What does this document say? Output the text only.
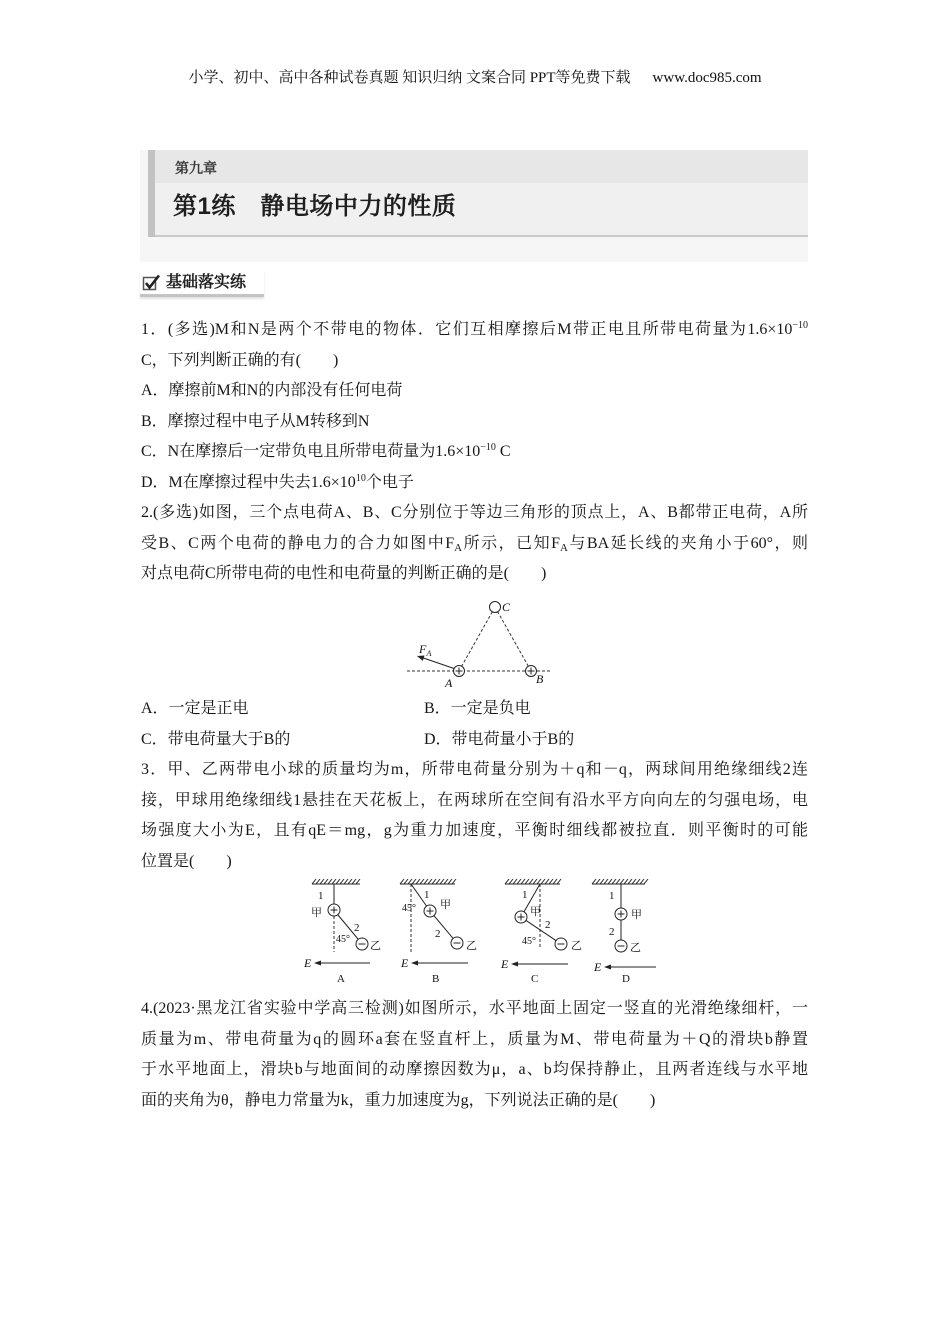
小学、初中、高中各种试卷真题 知识归纳 文案合同 PPT等免费下载 www.doc985.com
第九章
第1练　静电场中力的性质
基础落实练
1．(多选)M和N是两个不带电的物体．它们互相摩擦后M带正电且所带电荷量为$1.6\times 10^{-10}$
C，下列判断正确的有(　　)
A．摩擦前M和N的内部没有任何电荷
B．摩擦过程中电子从M转移到N
C．N在摩擦后一定带负电且所带电荷量为$1.6\times 10^{-10}$ C
D．M在摩擦过程中失去$1.6\times 10^{10}$个电子
2.(多选)如图，三个点电荷A、B、C分别位于等边三角形的顶点上，A、B都带正电荷，A所
受B、C两个电荷的静电力的合力如图中$F_A$所示，已知$F_A$与BA延长线的夹角小于60°，则
对点电荷C所带电荷的电性和电荷量的判断正确的是(　　)
C
A	B
F A
A．一定是正电	B．一定是负电
C．带电荷量大于B的	D．带电荷量小于B的
3．甲、乙两带电小球的质量均为m，所带电荷量分别为＋q和－q，两球间用绝缘细线2连
接，甲球用绝缘细线1悬挂在天花板上，在两球所在空间有沿水平方向向左的匀强电场，电
场强度大小为E，且有qE＝mg，g为重力加速度，平衡时细线都被拉直．则平衡时的可能
位置是(　　)
1
甲
2
45°
乙
E
A
1
45° 甲
2
乙
E
B
1
甲
2
45°	乙
E
C
1
甲
2
乙
E
D
4.(2023·黑龙江省实验中学高三检测)如图所示，水平地面上固定一竖直的光滑绝缘细杆，一
质量为m、带电荷量为q的圆环a套在竖直杆上，质量为M、带电荷量为＋Q的滑块b静置
于水平地面上，滑块b与地面间的动摩擦因数为μ，a、b均保持静止，且两者连线与水平地
面的夹角为θ，静电力常量为k，重力加速度为g，下列说法正确的是(　　)
